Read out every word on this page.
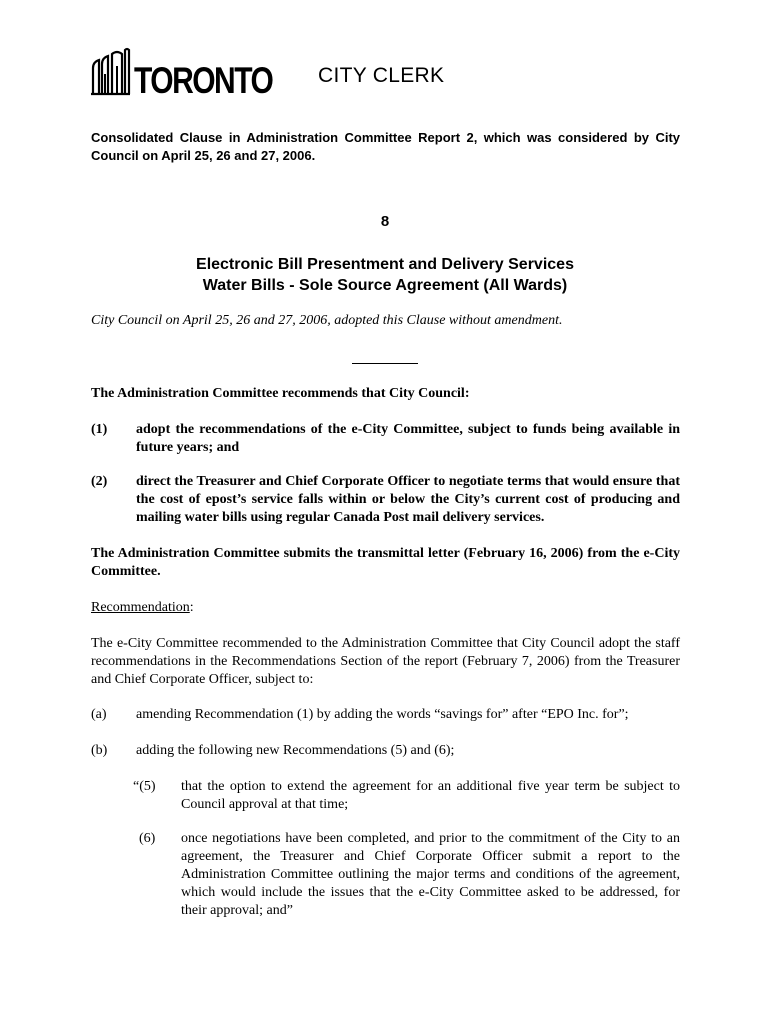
TORONTO CITY CLERK
Consolidated Clause in Administration Committee Report 2, which was considered by City Council on April 25, 26 and 27, 2006.
8
Electronic Bill Presentment and Delivery Services
Water Bills - Sole Source Agreement (All Wards)
City Council on April 25, 26 and 27, 2006, adopted this Clause without amendment.
The Administration Committee recommends that City Council:
(1) adopt the recommendations of the e-City Committee, subject to funds being available in future years; and
(2) direct the Treasurer and Chief Corporate Officer to negotiate terms that would ensure that the cost of epost’s service falls within or below the City’s current cost of producing and mailing water bills using regular Canada Post mail delivery services.
The Administration Committee submits the transmittal letter (February 16, 2006) from the e-City Committee.
Recommendation:
The e-City Committee recommended to the Administration Committee that City Council adopt the staff recommendations in the Recommendations Section of the report (February 7, 2006) from the Treasurer and Chief Corporate Officer, subject to:
(a) amending Recommendation (1) by adding the words “savings for” after “EPO Inc. for”;
(b) adding the following new Recommendations (5) and (6);
“(5) that the option to extend the agreement for an additional five year term be subject to Council approval at that time;
(6) once negotiations have been completed, and prior to the commitment of the City to an agreement, the Treasurer and Chief Corporate Officer submit a report to the Administration Committee outlining the major terms and conditions of the agreement, which would include the issues that the e-City Committee asked to be addressed, for their approval; and”
